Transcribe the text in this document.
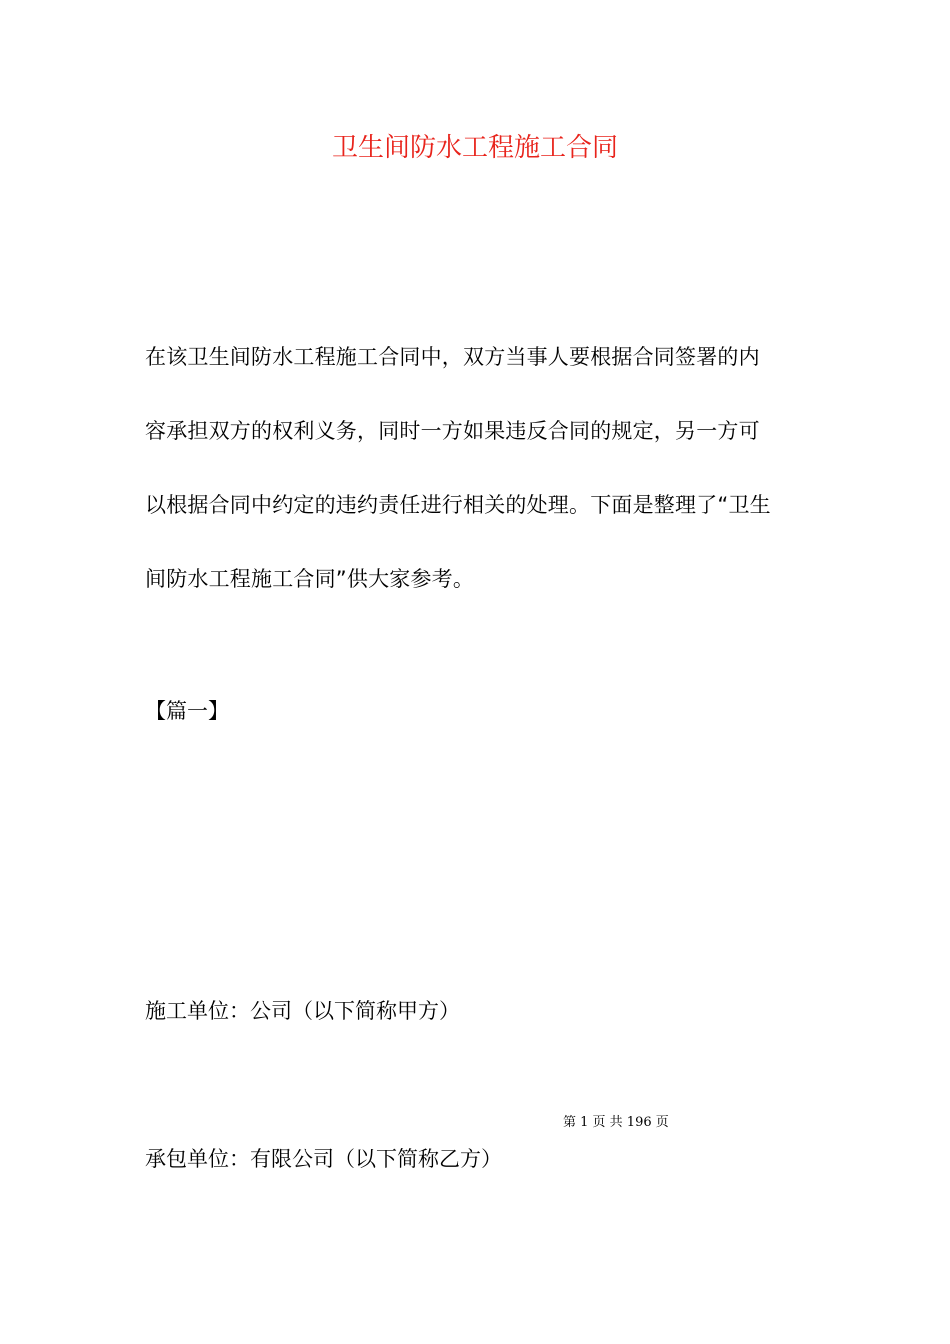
卫生间防水工程施工合同

在该卫生间防水工程施工合同中，双方当事人要根据合同签署的内
容承担双方的权利义务，同时一方如果违反合同的规定，另一方可
以根据合同中约定的违约责任进行相关的处理。下面是整理了“卫生
间防水工程施工合同”供大家参考。

【篇一】

施工单位：公司（以下简称甲方）

第 1 页 共 196 页

承包单位：有限公司（以下简称乙方）
